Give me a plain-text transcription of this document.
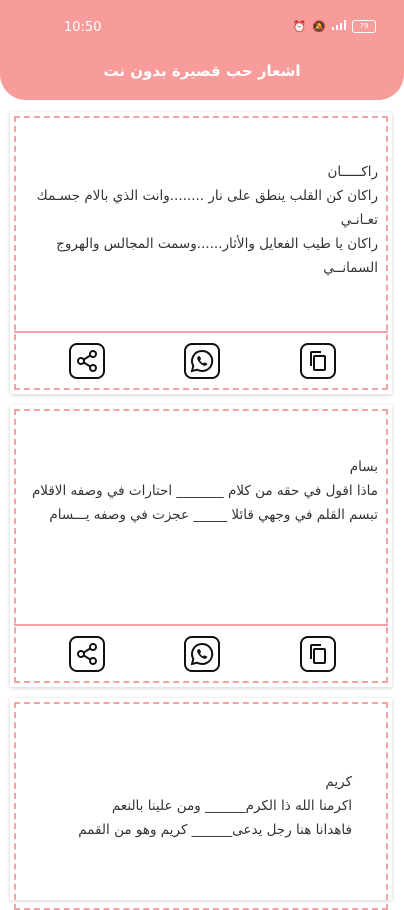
10:50	⏰ 🔕	79
اشعار حب قصيرة بدون نت
راكـــــان
راكان كن القلب ينطق على نار ........وانت الذي بالام جسـمك تعـانـي
راكان يا طيب الفعايل والأثار......وسمت المجالس والهروج السمانــي
بسام
ماذا اقول في حقه من كلام _______ احتارات في وصفه الاقلام
تبسم القلم في وجهي قائلا _____ عجزت في وصفه يـــسام
كريم
اكرمنا الله ذا الكرم______ ومن علينا بالنعم
فاهدانا هنا رجل يدعى______ كريم وهو من القمم
